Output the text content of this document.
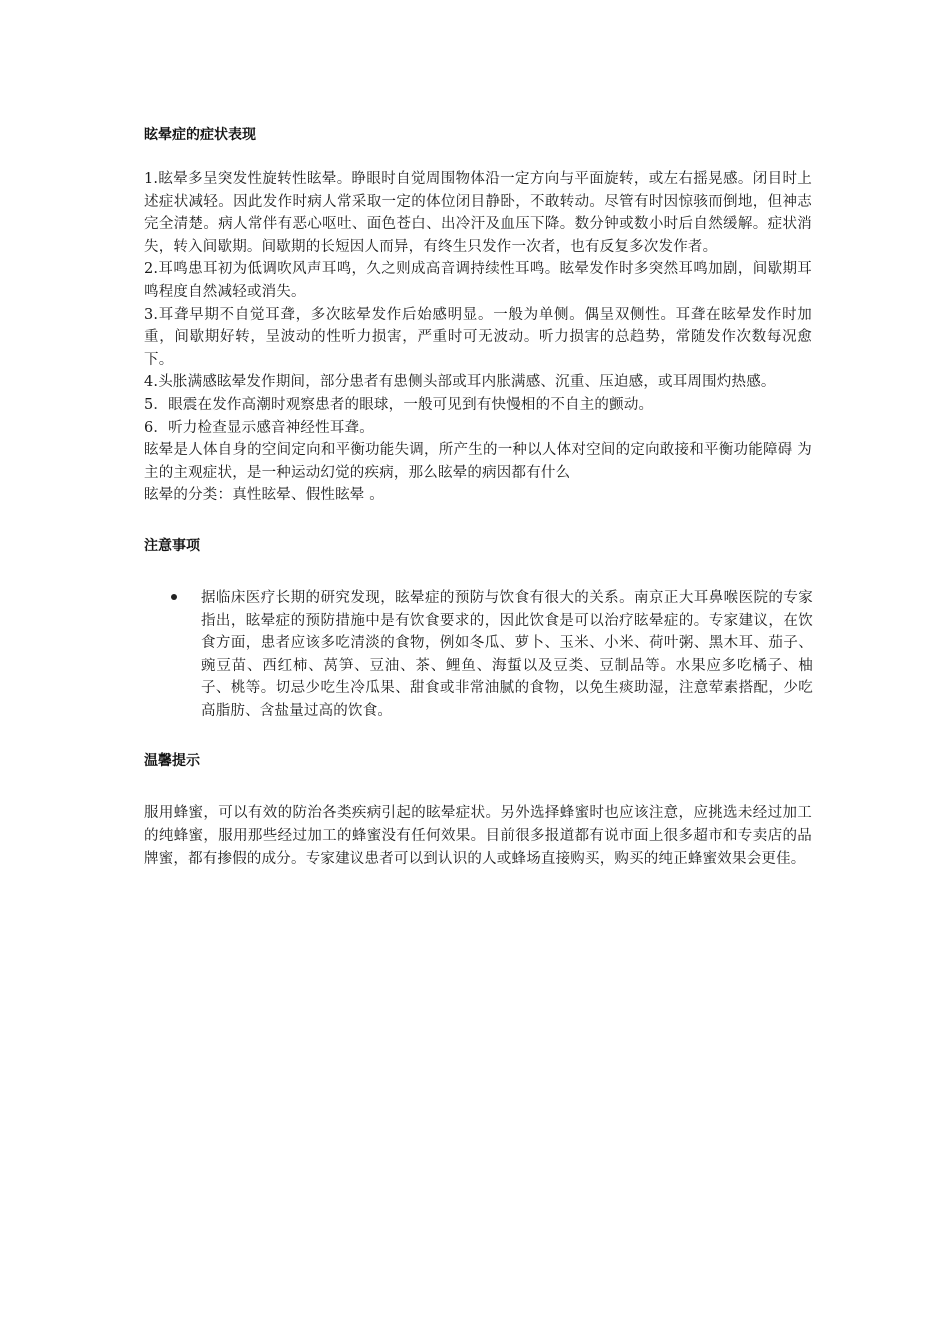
眩晕症的症状表现

1.眩晕多呈突发性旋转性眩晕。睁眼时自觉周围物体沿一定方向与平面旋转，或左右摇晃感。闭目时上述症状减轻。因此发作时病人常采取一定的体位闭目静卧，不敢转动。尽管有时因惊骇而倒地，但神志完全清楚。病人常伴有恶心呕吐、面色苍白、出冷汗及血压下降。数分钟或数小时后自然缓解。症状消失，转入间歇期。间歇期的长短因人而异，有终生只发作一次者，也有反复多次发作者。

2.耳鸣患耳初为低调吹风声耳鸣，久之则成高音调持续性耳鸣。眩晕发作时多突然耳鸣加剧，间歇期耳鸣程度自然减轻或消失。

3.耳聋早期不自觉耳聋，多次眩晕发作后始感明显。一般为单侧。偶呈双侧性。耳聋在眩晕发作时加重，间歇期好转，呈波动的性听力损害，严重时可无波动。听力损害的总趋势，常随发作次数每况愈下。

4.头胀满感眩晕发作期间，部分患者有患侧头部或耳内胀满感、沉重、压迫感，或耳周围灼热感。

5．眼震在发作高潮时观察患者的眼球，一般可见到有快慢相的不自主的颤动。

6．听力检查显示感音神经性耳聋。

眩晕是人体自身的空间定向和平衡功能失调，所产生的一种以人体对空间的定向敢接和平衡功能障碍 为主的主观症状，是一种运动幻觉的疾病，那么眩晕的病因都有什么

眩晕的分类：真性眩晕、假性眩晕 。

注意事项

据临床医疗长期的研究发现，眩晕症的预防与饮食有很大的关系。南京正大耳鼻喉医院的专家指出，眩晕症的预防措施中是有饮食要求的，因此饮食是可以治疗眩晕症的。专家建议，在饮食方面，患者应该多吃清淡的食物，例如冬瓜、萝卜、玉米、小米、荷叶粥、黑木耳、茄子、豌豆苗、西红柿、莴笋、豆油、茶、鲤鱼、海蜇以及豆类、豆制品等。水果应多吃橘子、柚子、桃等。切忌少吃生冷瓜果、甜食或非常油腻的食物，以免生痰助湿，注意荤素搭配，少吃高脂肪、含盐量过高的饮食。

温馨提示

服用蜂蜜，可以有效的防治各类疾病引起的眩晕症状。另外选择蜂蜜时也应该注意，应挑选未经过加工的纯蜂蜜，服用那些经过加工的蜂蜜没有任何效果。目前很多报道都有说市面上很多超市和专卖店的品牌蜜，都有掺假的成分。专家建议患者可以到认识的人或蜂场直接购买，购买的纯正蜂蜜效果会更佳。
